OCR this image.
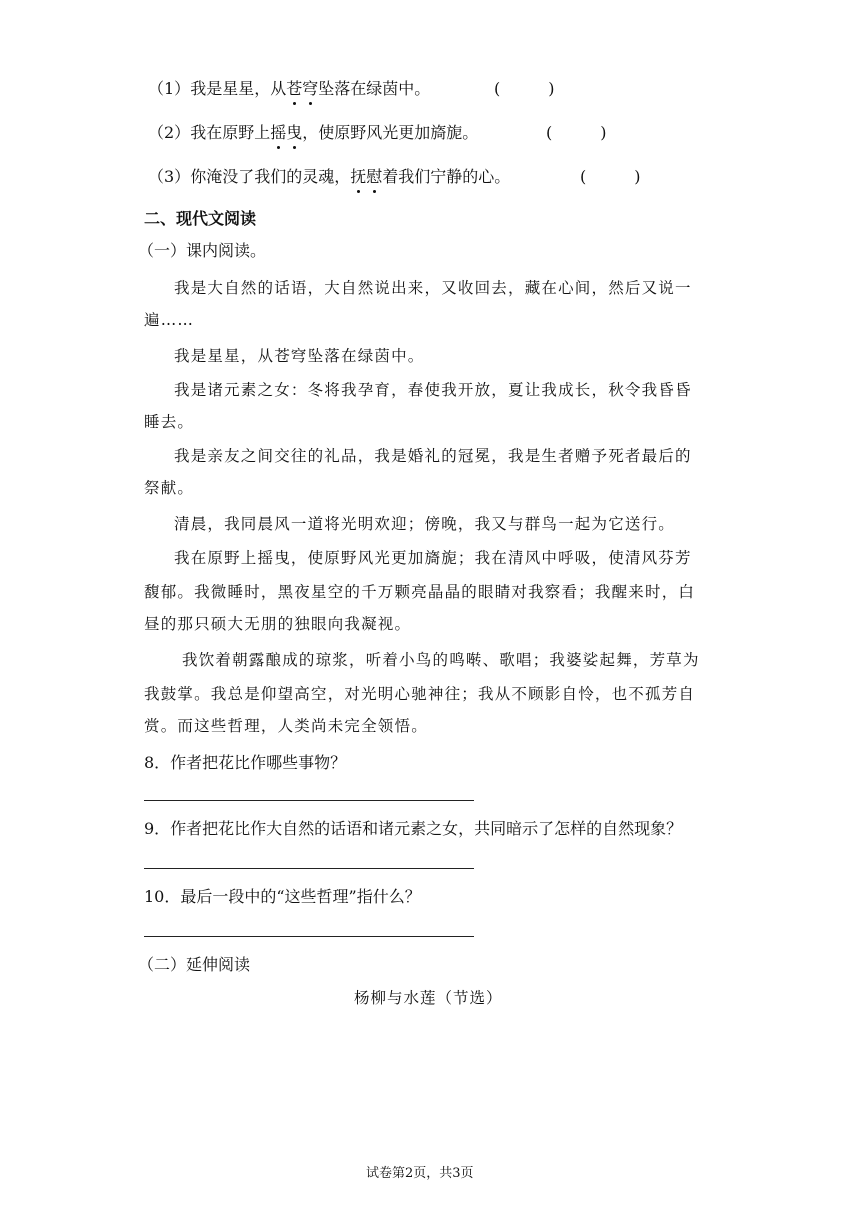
（1）我是星星，从苍穹坠落在绿茵中。	(　　　)
（2）我在原野上摇曳，使原野风光更加旖旎。	(　　　)
（3）你淹没了我们的灵魂，抚慰着我们宁静的心。	(　　　)
二、现代文阅读
（一）课内阅读。
我是大自然的话语，大自然说出来，又收回去，藏在心间，然后又说一
遍……
我是星星，从苍穹坠落在绿茵中。
我是诸元素之女：冬将我孕育，春使我开放，夏让我成长，秋令我昏昏
睡去。
我是亲友之间交往的礼品，我是婚礼的冠冕，我是生者赠予死者最后的
祭献。
清晨，我同晨风一道将光明欢迎；傍晚，我又与群鸟一起为它送行。
我在原野上摇曳，使原野风光更加旖旎；我在清风中呼吸，使清风芬芳
馥郁。我微睡时，黑夜星空的千万颗亮晶晶的眼睛对我察看；我醒来时，白
昼的那只硕大无朋的独眼向我凝视。
我饮着朝露酿成的琼浆，听着小鸟的鸣啭、歌唱；我婆娑起舞，芳草为
我鼓掌。我总是仰望高空，对光明心驰神往；我从不顾影自怜，也不孤芳自
赏。而这些哲理，人类尚未完全领悟。
8．作者把花比作哪些事物？
9．作者把花比作大自然的话语和诸元素之女，共同暗示了怎样的自然现象？
10．最后一段中的“这些哲理”指什么？
（二）延伸阅读
杨柳与水莲（节选）
试卷第2页，共3页
